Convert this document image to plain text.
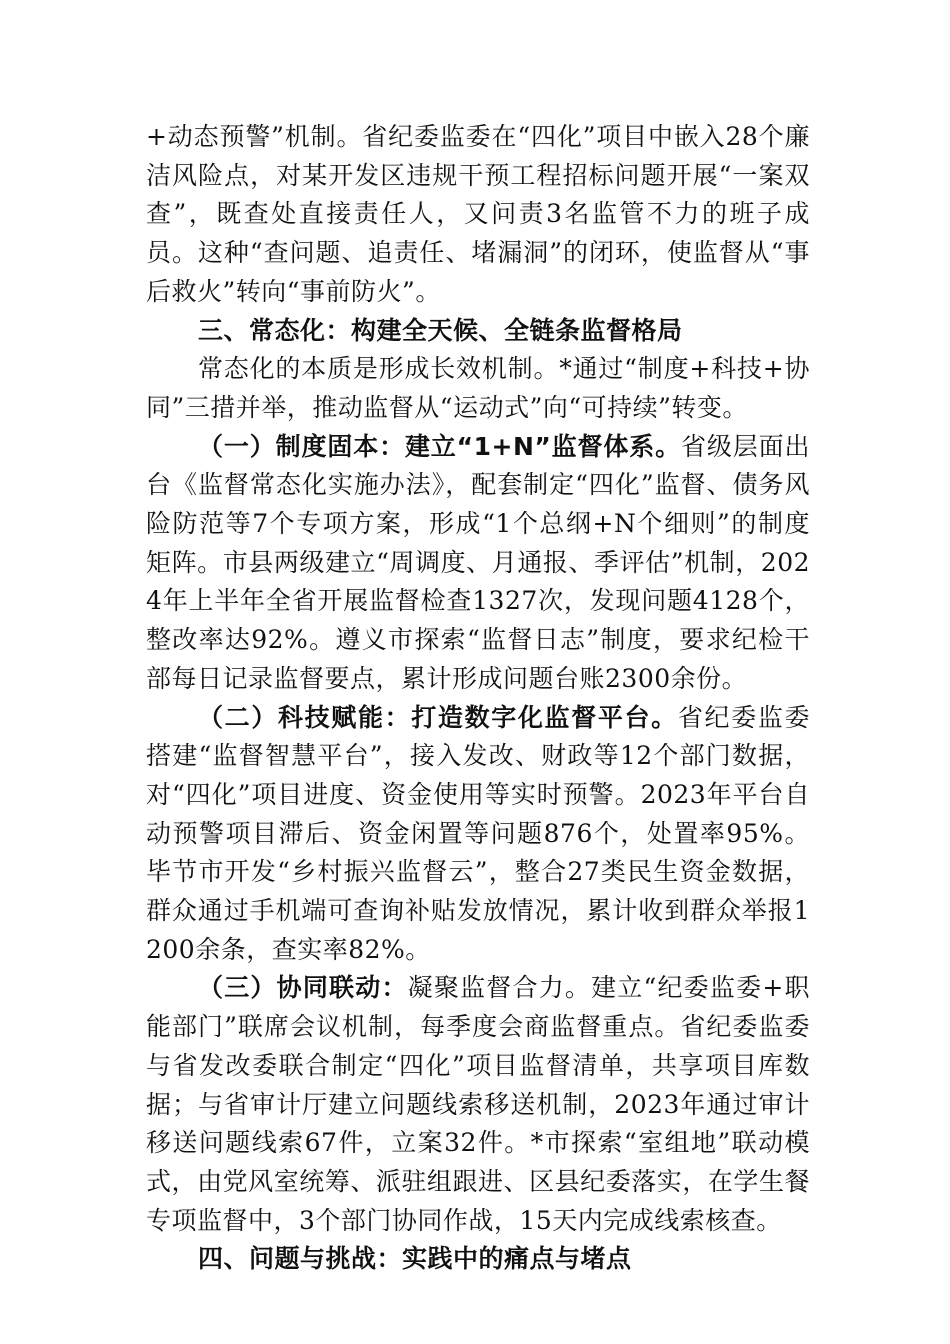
+动态预警”机制。省纪委监委在“四化”项目中嵌入28个廉洁风险点，对某开发区违规干预工程招标问题开展“一案双查”，既查处直接责任人，又问责3名监管不力的班子成员。这种“查问题、追责任、堵漏洞”的闭环，使监督从“事后救火”转向“事前防火”。

三、常态化：构建全天候、全链条监督格局

常态化的本质是形成长效机制。*通过“制度+科技+协同”三措并举，推动监督从“运动式”向“可持续”转变。

（一）制度固本：建立“1+N”监督体系。省级层面出台《监督常态化实施办法》，配套制定“四化”监督、债务风险防范等7个专项方案，形成“1个总纲+N个细则”的制度矩阵。市县两级建立“周调度、月通报、季评估”机制，2024年上半年全省开展监督检查1327次，发现问题4128个，整改率达92%。遵义市探索“监督日志”制度，要求纪检干部每日记录监督要点，累计形成问题台账2300余份。

（二）科技赋能：打造数字化监督平台。省纪委监委搭建“监督智慧平台”，接入发改、财政等12个部门数据，对“四化”项目进度、资金使用等实时预警。2023年平台自动预警项目滞后、资金闲置等问题876个，处置率95%。毕节市开发“乡村振兴监督云”，整合27类民生资金数据，群众通过手机端可查询补贴发放情况，累计收到群众举报1200余条，查实率82%。

（三）协同联动：凝聚监督合力。建立“纪委监委+职能部门”联席会议机制，每季度会商监督重点。省纪委监委与省发改委联合制定“四化”项目监督清单，共享项目库数据；与省审计厅建立问题线索移送机制，2023年通过审计移送问题线索67件，立案32件。*市探索“室组地”联动模式，由党风室统筹、派驻组跟进、区县纪委落实，在学生餐专项监督中，3个部门协同作战，15天内完成线索核查。

四、问题与挑战：实践中的痛点与堵点
